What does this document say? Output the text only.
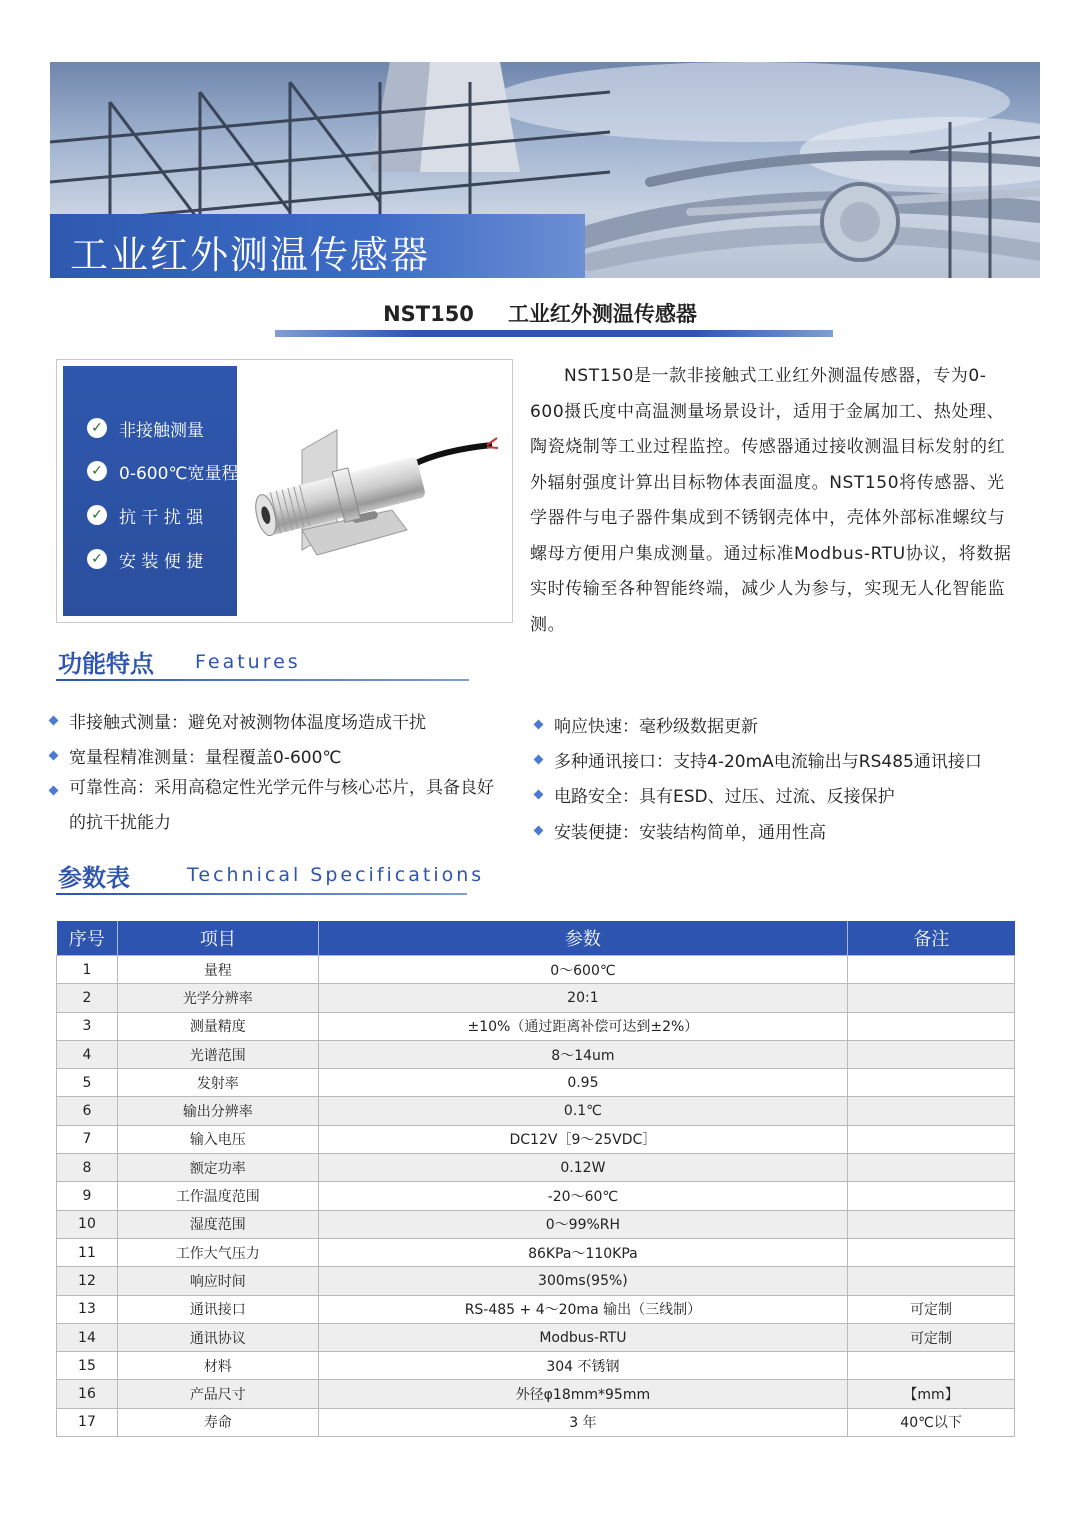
工业红外测温传感器
NST150 工业红外测温传感器
✓ 非接触测量
✓ 0-600℃宽量程
✓ 抗 干 扰 强
✓ 安 装 便 捷
NST150是一款非接触式工业红外测温传感器，专为0-600摄氏度中高温测量场景设计，适用于金属加工、热处理、陶瓷烧制等工业过程监控。传感器通过接收测温目标发射的红外辐射强度计算出目标物体表面温度。NST150将传感器、光学器件与电子器件集成到不锈钢壳体中，壳体外部标准螺纹与螺母方便用户集成测量。通过标准Modbus-RTU协议，将数据实时传输至各种智能终端，减少人为参与，实现无人化智能监测。
功能特点 Features
非接触式测量：避免对被测物体温度场造成干扰
宽量程精准测量：量程覆盖0-600℃
可靠性高：采用高稳定性光学元件与核心芯片，具备良好的抗干扰能力
响应快速：毫秒级数据更新
多种通讯接口：支持4-20mA电流输出与RS485通讯接口
电路安全：具有ESD、过压、过流、反接保护
安装便捷：安装结构简单，通用性高
参数表	Technical Specifications
序号	项目	参数	备注
1	量程	0～600℃	
2	光学分辨率	20:1	
3	测量精度	±10%（通过距离补偿可达到±2%）	
4	光谱范围	8～14um	
5	发射率	0.95	
6	输出分辨率	0.1℃	
7	输入电压	DC12V［9～25VDC］	
8	额定功率	0.12W	
9	工作温度范围	-20～60℃	
10	湿度范围	0～99%RH	
11	工作大气压力	86KPa～110KPa	
12	响应时间	300ms(95%)	
13	通讯接口	RS-485 + 4～20ma 输出（三线制）	可定制
14	通讯协议	Modbus-RTU	可定制
15	材料	304 不锈钢	
16	产品尺寸	外径φ18mm*95mm	【mm】
17	寿命	3 年	40℃以下
